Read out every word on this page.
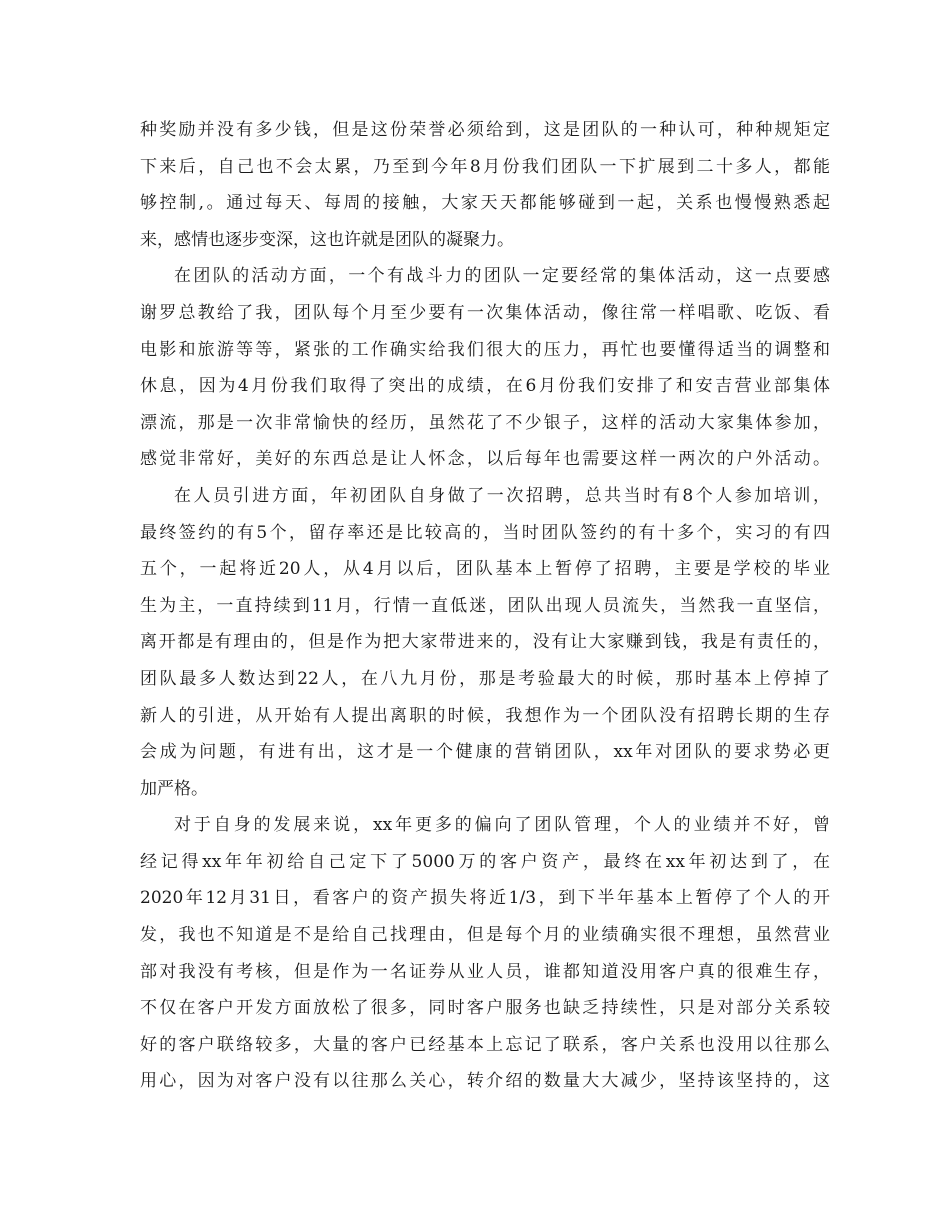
种奖励并没有多少钱，但是这份荣誉必须给到，这是团队的一种认可，种种规矩定
下来后，自己也不会太累，乃至到今年8月份我们团队一下扩展到二十多人，都能
够控制,。通过每天、每周的接触，大家天天都能够碰到一起，关系也慢慢熟悉起
来，感情也逐步变深，这也许就是团队的凝聚力。
在团队的活动方面，一个有战斗力的团队一定要经常的集体活动，这一点要感
谢罗总教给了我，团队每个月至少要有一次集体活动，像往常一样唱歌、吃饭、看
电影和旅游等等，紧张的工作确实给我们很大的压力，再忙也要懂得适当的调整和
休息，因为4月份我们取得了突出的成绩，在6月份我们安排了和安吉营业部集体
漂流，那是一次非常愉快的经历，虽然花了不少银子，这样的活动大家集体参加，
感觉非常好，美好的东西总是让人怀念，以后每年也需要这样一两次的户外活动。
在人员引进方面，年初团队自身做了一次招聘，总共当时有8个人参加培训，
最终签约的有5个，留存率还是比较高的，当时团队签约的有十多个，实习的有四
五个，一起将近20人，从4月以后，团队基本上暂停了招聘，主要是学校的毕业
生为主，一直持续到11月，行情一直低迷，团队出现人员流失，当然我一直坚信，
离开都是有理由的，但是作为把大家带进来的，没有让大家赚到钱，我是有责任的，
团队最多人数达到22人，在八九月份，那是考验最大的时候，那时基本上停掉了
新人的引进，从开始有人提出离职的时候，我想作为一个团队没有招聘长期的生存
会成为问题，有进有出，这才是一个健康的营销团队，xx年对团队的要求势必更
加严格。
对于自身的发展来说，xx年更多的偏向了团队管理，个人的业绩并不好，曾
经记得xx年年初给自己定下了5000万的客户资产，最终在xx年初达到了，在
2020年12月31日，看客户的资产损失将近1/3，到下半年基本上暂停了个人的开
发，我也不知道是不是给自己找理由，但是每个月的业绩确实很不理想，虽然营业
部对我没有考核，但是作为一名证券从业人员，谁都知道没用客户真的很难生存，
不仅在客户开发方面放松了很多，同时客户服务也缺乏持续性，只是对部分关系较
好的客户联络较多，大量的客户已经基本上忘记了联系，客户关系也没用以往那么
用心，因为对客户没有以往那么关心，转介绍的数量大大减少，坚持该坚持的，这
